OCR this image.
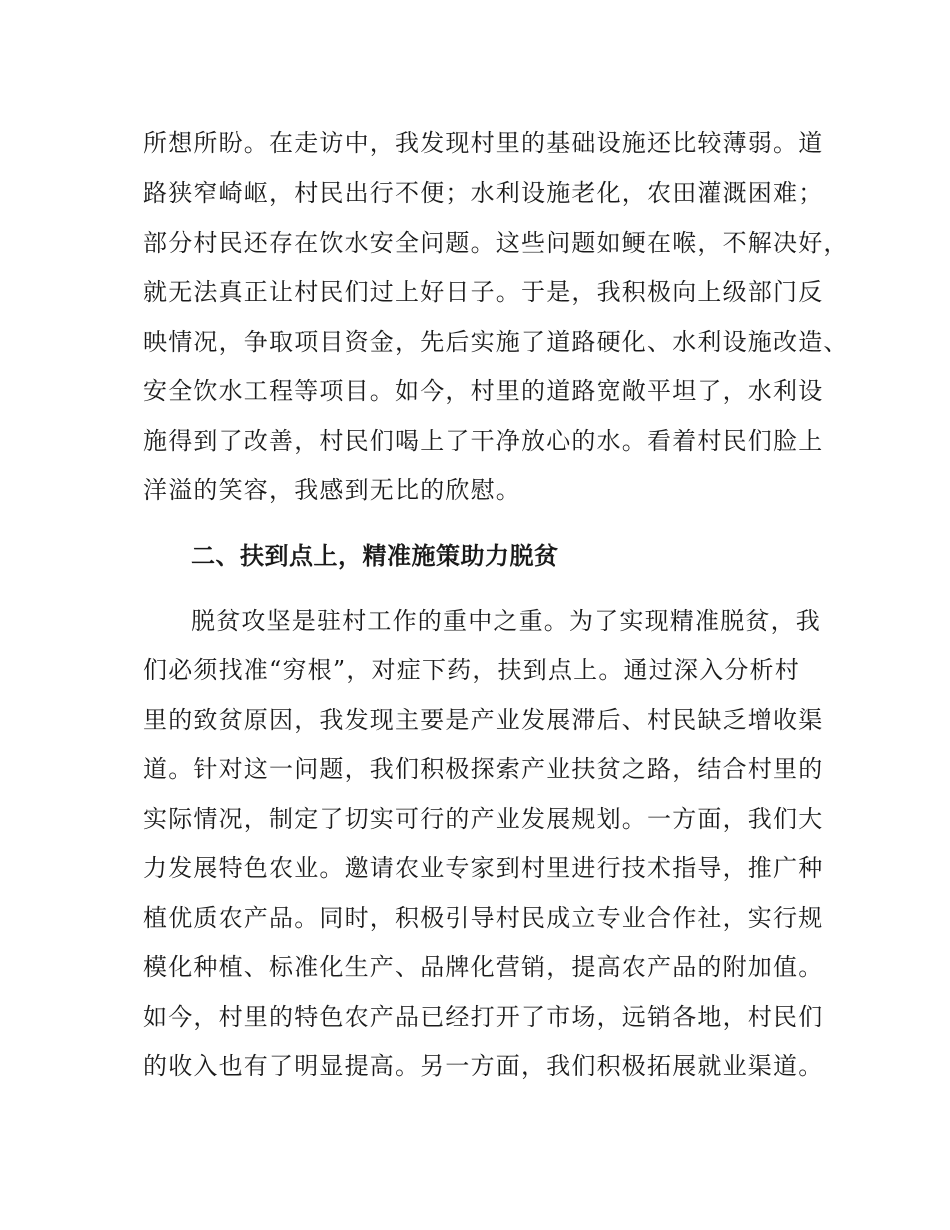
所想所盼。在走访中，我发现村里的基础设施还比较薄弱。道
路狭窄崎岖，村民出行不便；水利设施老化，农田灌溉困难；
部分村民还存在饮水安全问题。这些问题如鲠在喉，不解决好，
就无法真正让村民们过上好日子。于是，我积极向上级部门反
映情况，争取项目资金，先后实施了道路硬化、水利设施改造、
安全饮水工程等项目。如今，村里的道路宽敞平坦了，水利设
施得到了改善，村民们喝上了干净放心的水。看着村民们脸上
洋溢的笑容，我感到无比的欣慰。
二、扶到点上，精准施策助力脱贫
脱贫攻坚是驻村工作的重中之重。为了实现精准脱贫，我
们必须找准“穷根”，对症下药，扶到点上。通过深入分析村
里的致贫原因，我发现主要是产业发展滞后、村民缺乏增收渠
道。针对这一问题，我们积极探索产业扶贫之路，结合村里的
实际情况，制定了切实可行的产业发展规划。一方面，我们大
力发展特色农业。邀请农业专家到村里进行技术指导，推广种
植优质农产品。同时，积极引导村民成立专业合作社，实行规
模化种植、标准化生产、品牌化营销，提高农产品的附加值。
如今，村里的特色农产品已经打开了市场，远销各地，村民们
的收入也有了明显提高。另一方面，我们积极拓展就业渠道。
